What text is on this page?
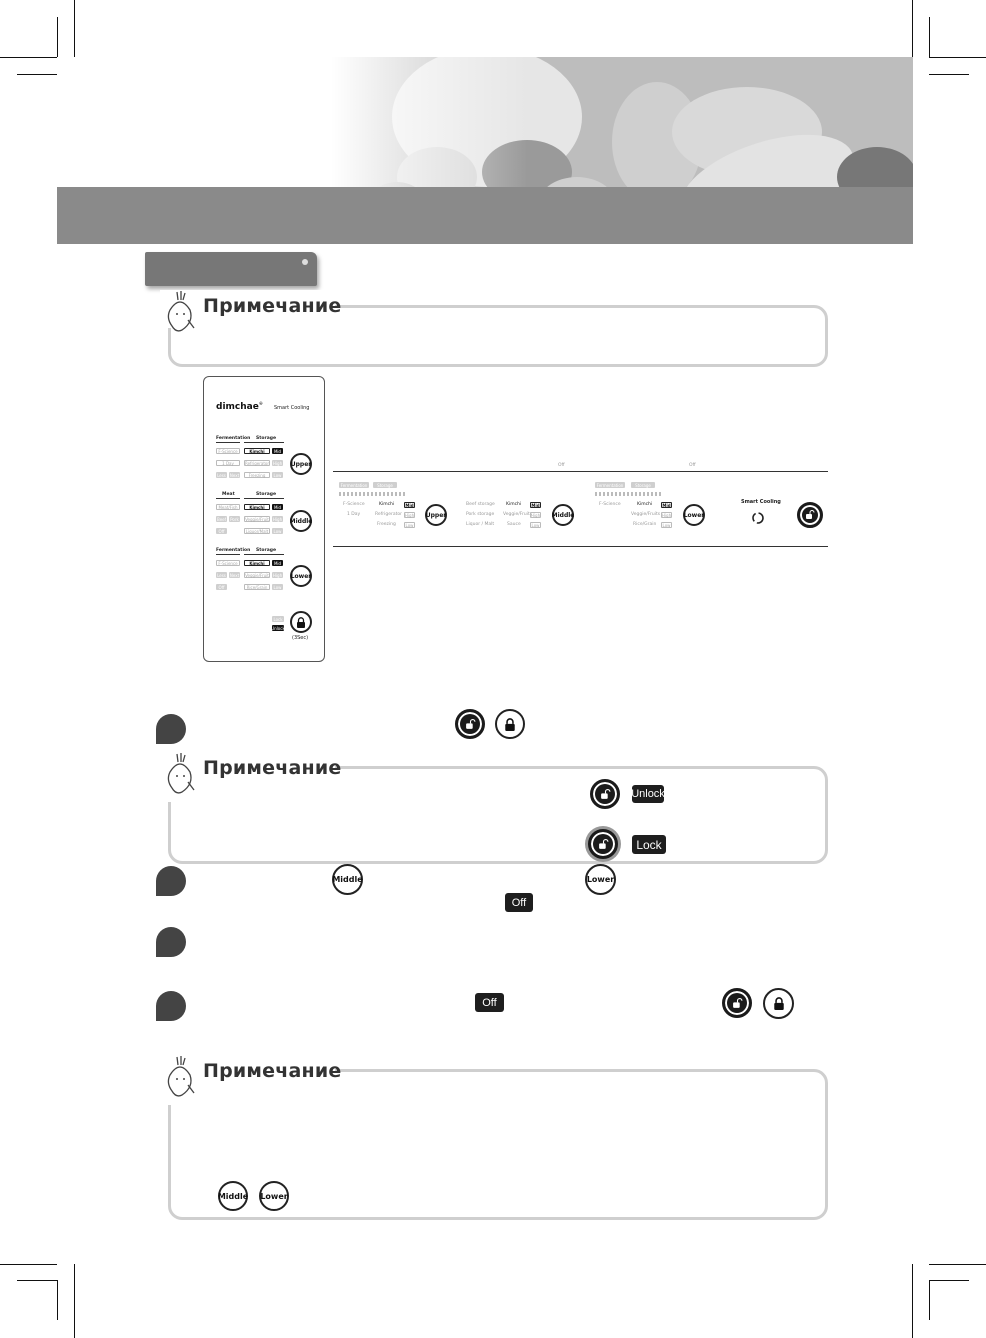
Примечание
dimchae®
Smart Cooling
Fermentation Storage
F-Science
1 Day
Less Next
Kimchi
Refrigerator
Freezing
Mid
High
Low
Upper
Meat	Storage
Meat/Fish
Beef Pork
Off
Kimchi
Veggie/Fruit
Liquor/Malt
Mid
High
Low
Middle
Fermentation Storage
F-Science
Less Next
Off
Kimchi
Veggie/Fruit
Rice/Grain
Mid
High
Low
Lower
Lock
Unlock
(3Sec)
Fermentation	Storage
F-Science
1 Day
Kimchi
Refrigerator
Freezing
Mid
High
Low
Upper
Off
Beef storage
Pork storage
Liquor / Malt
Kimchi
Veggie/Fruits
Sauce
Mid
High
Low
Middle
Fermentation	Storage
Off
F-Science	Kimchi
Veggie/Fruits
Rice/Grain
Mid
High
Low
Lower
Smart Cooling
Примечание
Unlock
Lock
Middle	Lower
Off
Off
Примечание
Middle Lower
